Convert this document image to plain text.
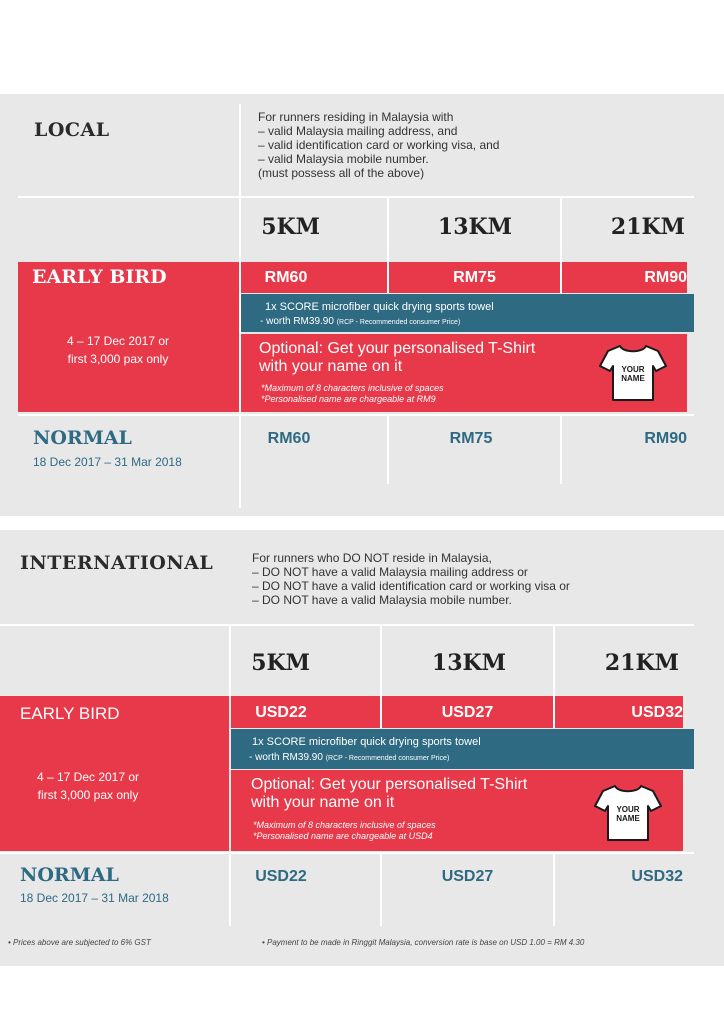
LOCAL
For runners residing in Malaysia with
– valid Malaysia mailing address, and
– valid identification card or working visa, and
– valid Malaysia mobile number.
(must possess all of the above)
5KM	13KM	21KM
EARLY BIRD
4 – 17 Dec 2017 or
first 3,000 pax only
RM60	RM75	RM90
1x SCORE microfiber quick drying sports towel
- worth RM39.90 (RCP - Recommended consumer Price)
Optional: Get your personalised T-Shirt
with your name on it
*Maximum of 8 characters inclusive of spaces
*Personalised name are chargeable at RM9
YOUR
NAME
NORMAL
18 Dec 2017 – 31 Mar 2018
RM60	RM75	RM90
INTERNATIONAL	For runners who DO NOT reside in Malaysia,
– DO NOT have a valid Malaysia mailing address or
– DO NOT have a valid identification card or working visa or
– DO NOT have a valid Malaysia mobile number.
5KM	13KM	21KM
EARLY BIRD
4 – 17 Dec 2017 or
first 3,000 pax only
USD22	USD27	USD32
1x SCORE microfiber quick drying sports towel
- worth RM39.90 (RCP - Recommended consumer Price)
Optional: Get your personalised T-Shirt
with your name on it
*Maximum of 8 characters inclusive of spaces
*Personalised name are chargeable at USD4
YOUR
NAME
NORMAL
18 Dec 2017 – 31 Mar 2018
USD22	USD27	USD32
• Prices above are subjected to 6% GST	• Payment to be made in Ringgit Malaysia, conversion rate is base on USD 1.00 = RM 4.30
